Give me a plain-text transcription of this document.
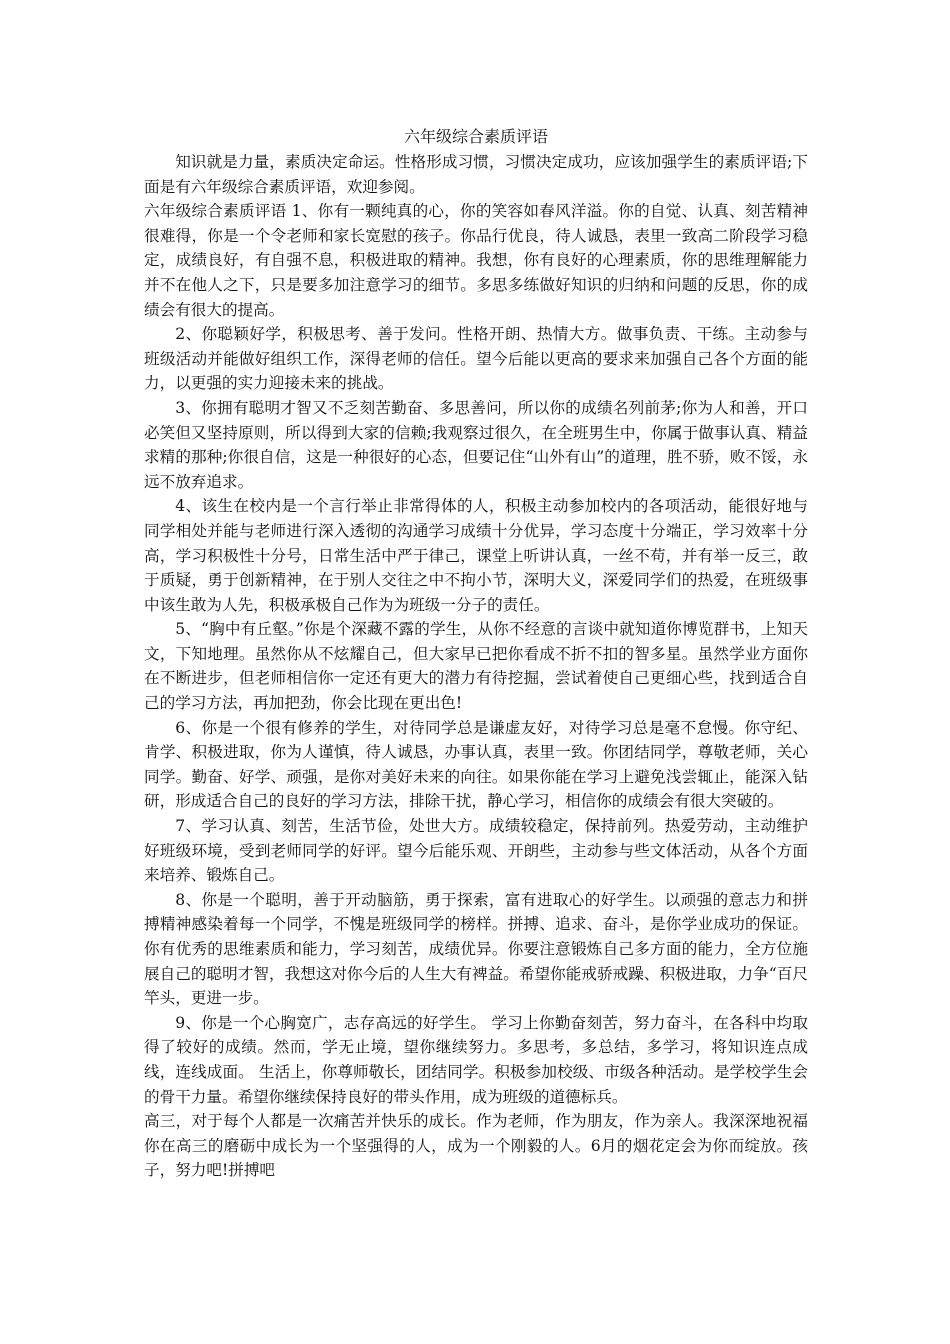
六年级综合素质评语

知识就是力量，素质决定命运。性格形成习惯，习惯决定成功，应该加强学生的素质评语;下面是有六年级综合素质评语，欢迎参阅。

六年级综合素质评语 1、你有一颗纯真的心，你的笑容如春风洋溢。你的自觉、认真、刻苦精神很难得，你是一个令老师和家长宽慰的孩子。你品行优良，待人诚恳，表里一致高二阶段学习稳定，成绩良好，有自强不息，积极进取的精神。我想，你有良好的心理素质，你的思维理解能力并不在他人之下，只是要多加注意学习的细节。多思多练做好知识的归纳和问题的反思，你的成绩会有很大的提高。

2、你聪颖好学，积极思考、善于发问。性格开朗、热情大方。做事负责、干练。主动参与班级活动并能做好组织工作，深得老师的信任。望今后能以更高的要求来加强自己各个方面的能力，以更强的实力迎接未来的挑战。

3、你拥有聪明才智又不乏刻苦勤奋、多思善问，所以你的成绩名列前茅;你为人和善，开口必笑但又坚持原则，所以得到大家的信赖;我观察过很久，在全班男生中，你属于做事认真、精益求精的那种;你很自信，这是一种很好的心态，但要记住“山外有山”的道理，胜不骄，败不馁，永远不放弃追求。

4、该生在校内是一个言行举止非常得体的人，积极主动参加校内的各项活动，能很好地与同学相处并能与老师进行深入透彻的沟通学习成绩十分优异，学习态度十分端正，学习效率十分高，学习积极性十分号，日常生活中严于律己，课堂上听讲认真，一丝不苟，并有举一反三，敢于质疑，勇于创新精神，在于别人交往之中不拘小节，深明大义，深爱同学们的热爱，在班级事中该生敢为人先，积极承极自己作为为班级一分子的责任。

5、“胸中有丘壑。”你是个深藏不露的学生，从你不经意的言谈中就知道你博览群书，上知天文，下知地理。虽然你从不炫耀自己，但大家早已把你看成不折不扣的智多星。虽然学业方面你在不断进步，但老师相信你一定还有更大的潜力有待挖掘，尝试着使自己更细心些，找到适合自己的学习方法，再加把劲，你会比现在更出色!

6、你是一个很有修养的学生，对待同学总是谦虚友好，对待学习总是毫不怠慢。你守纪、肯学、积极进取，你为人谨慎，待人诚恳，办事认真，表里一致。你团结同学，尊敬老师，关心同学。勤奋、好学、顽强，是你对美好未来的向往。如果你能在学习上避免浅尝辄止，能深入钻研，形成适合自己的良好的学习方法，排除干扰，静心学习，相信你的成绩会有很大突破的。

7、学习认真、刻苦，生活节俭，处世大方。成绩较稳定，保持前列。热爱劳动，主动维护好班级环境，受到老师同学的好评。望今后能乐观、开朗些，主动参与些文体活动，从各个方面来培养、锻炼自己。

8、你是一个聪明，善于开动脑筋，勇于探索，富有进取心的好学生。以顽强的意志力和拼搏精神感染着每一个同学，不愧是班级同学的榜样。拼搏、追求、奋斗，是你学业成功的保证。你有优秀的思维素质和能力，学习刻苦，成绩优异。你要注意锻炼自己多方面的能力，全方位施展自己的聪明才智，我想这对你今后的人生大有裨益。希望你能戒骄戒躁、积极进取，力争“百尺竿头，更进一步。

9、你是一个心胸宽广，志存高远的好学生。 学习上你勤奋刻苦，努力奋斗，在各科中均取得了较好的成绩。然而，学无止境，望你继续努力。多思考，多总结，多学习，将知识连点成线，连线成面。 生活上，你尊师敬长，团结同学。积极参加校级、市级各种活动。是学校学生会的骨干力量。希望你继续保持良好的带头作用，成为班级的道德标兵。

高三，对于每个人都是一次痛苦并快乐的成长。作为老师，作为朋友，作为亲人。我深深地祝福你在高三的磨砺中成长为一个坚强得的人，成为一个刚毅的人。6月的烟花定会为你而绽放。孩子，努力吧!拼搏吧
